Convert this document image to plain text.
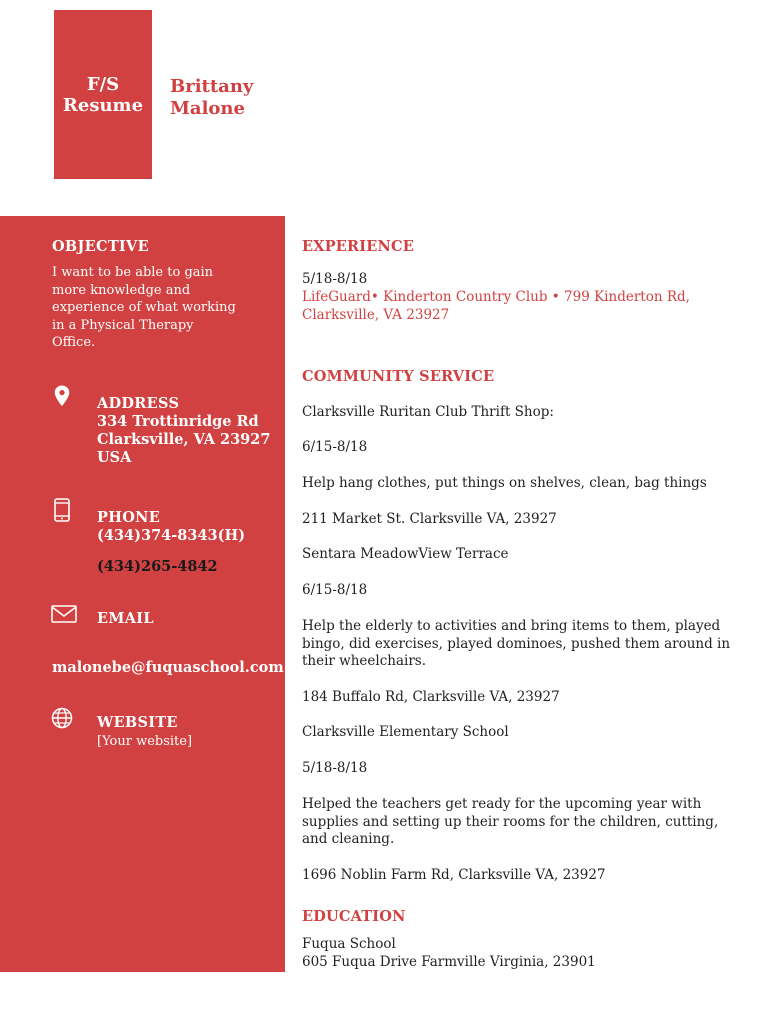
F/S
Resume
Brittany
Malone
OBJECTIVE
I want to be able to gain more knowledge and experience of what working in a Physical Therapy Office.
ADDRESS
334 Trottinridge Rd
Clarksville, VA 23927
USA
PHONE
(434)374-8343(H)
(434)265-4842
EMAIL
malonebe@fuquaschool.com
WEBSITE
[Your website]
EXPERIENCE
5/18-8/18
LifeGuard• Kinderton Country Club • 799 Kinderton Rd,
Clarksville, VA 23927
COMMUNITY SERVICE
Clarksville Ruritan Club Thrift Shop:
6/15-8/18
Help hang clothes, put things on shelves, clean, bag things
211 Market St. Clarksville VA, 23927
Sentara MeadowView Terrace
6/15-8/18
Help the elderly to activities and bring items to them, played bingo, did exercises, played dominoes, pushed them around in their wheelchairs.
184 Buffalo Rd, Clarksville VA, 23927
Clarksville Elementary School
5/18-8/18
Helped the teachers get ready for the upcoming year with supplies and setting up their rooms for the children, cutting, and cleaning.
1696 Noblin Farm Rd, Clarksville VA, 23927
EDUCATION
Fuqua School
605 Fuqua Drive Farmville Virginia, 23901
